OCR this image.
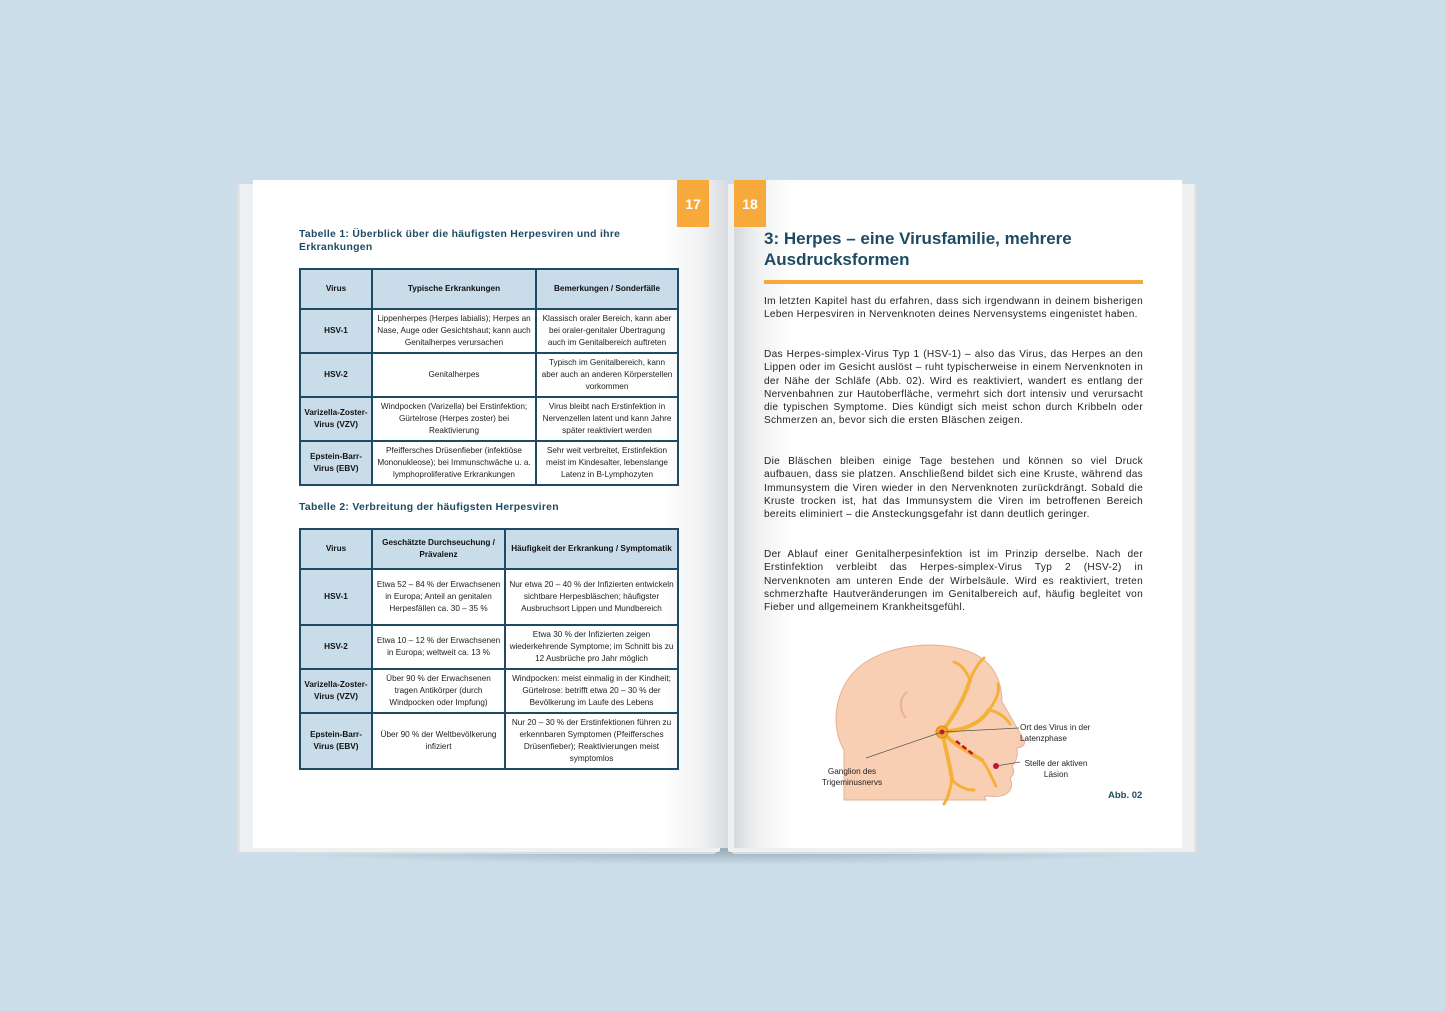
17
Tabelle 1: Überblick über die häufigsten Herpesviren und ihre Erkrankungen
Virus	Typische Erkrankungen	Bemerkungen / Sonderfälle
HSV-1	Lippenherpes (Herpes labialis); Herpes an Nase, Auge oder Gesichtshaut; kann auch Genitalherpes verursachen	Klassisch oraler Bereich, kann aber bei oraler-genitaler Übertragung auch im Genitalbereich auftreten
HSV-2	Genitalherpes	Typisch im Genitalbereich, kann aber auch an anderen Körperstellen vorkommen
Varizella-Zoster-Virus (VZV)	Windpocken (Varizella) bei Erstinfektion; Gürtelrose (Herpes zoster) bei Reaktivierung	Virus bleibt nach Erstinfektion in Nervenzellen latent und kann Jahre später reaktiviert werden
Epstein-Barr-Virus (EBV)	Pfeiffersches Drüsenfieber (infektiöse Mononukleose); bei Immunschwäche u. a. lymphoproliferative Erkrankungen	Sehr weit verbreitet, Erstinfektion meist im Kindesalter, lebenslange Latenz in B-Lymphozyten
Tabelle 2: Verbreitung der häufigsten Herpesviren
Virus	Geschätzte Durchseuchung / Prävalenz	Häufigkeit der Erkrankung / Symptomatik
HSV-1	Etwa 52 – 84 % der Erwachsenen in Europa; Anteil an genitalen Herpesfällen ca. 30 – 35 %	Nur etwa 20 – 40 % der Infizierten entwickeln sichtbare Herpesbläschen; häufigster Ausbruchsort Lippen und Mundbereich
HSV-2	Etwa 10 – 12 % der Erwachsenen in Europa; weltweit ca. 13 %	Etwa 30 % der Infizierten zeigen wiederkehrende Symptome; im Schnitt bis zu 12 Ausbrüche pro Jahr möglich
Varizella-Zoster-Virus (VZV)	Über 90 % der Erwachsenen tragen Antikörper (durch Windpocken oder Impfung)	Windpocken: meist einmalig in der Kindheit; Gürtelrose: betrifft etwa 20 – 30 % der Bevölkerung im Laufe des Lebens
Epstein-Barr-Virus (EBV)	Über 90 % der Weltbevölkerung infiziert	Nur 20 – 30 % der Erstinfektionen führen zu erkennbaren Symptomen (Pfeiffersches Drüsenfieber); Reaktivierungen meist symptomlos
18
3: Herpes – eine Virusfamilie, mehrere Ausdrucksformen

Im letzten Kapitel hast du erfahren, dass sich irgendwann in deinem bisherigen Leben Herpesviren in Nervenknoten deines Nervensystems eingenistet haben.

Das Herpes-simplex-Virus Typ 1 (HSV-1) – also das Virus, das Herpes an den Lippen oder im Gesicht auslöst – ruht typischerweise in einem Nervenknoten in der Nähe der Schläfe (Abb. 02). Wird es reaktiviert, wandert es entlang der Nervenbahnen zur Hautoberfläche, vermehrt sich dort intensiv und verursacht die typischen Symptome. Dies kündigt sich meist schon durch Kribbeln oder Schmerzen an, bevor sich die ersten Bläschen zeigen.

Die Bläschen bleiben einige Tage bestehen und können so viel Druck aufbauen, dass sie platzen. Anschließend bildet sich eine Kruste, während das Immunsystem die Viren wieder in den Nervenknoten zurückdrängt. Sobald die Kruste trocken ist, hat das Immunsystem die Viren im betroffenen Bereich bereits eliminiert – die Ansteckungsgefahr ist dann deutlich geringer.

Der Ablauf einer Genitalherpesinfektion ist im Prinzip derselbe. Nach der Erstinfektion verbleibt das Herpes-simplex-Virus Typ 2 (HSV-2) in Nervenknoten am unteren Ende der Wirbelsäule. Wird es reaktiviert, treten schmerzhafte Hautveränderungen im Genitalbereich auf, häufig begleitet von Fieber und allgemeinem Krankheitsgefühl.

Ganglion des Trigeminusnervs
Ort des Virus in der Latenzphase
Stelle der aktiven Läsion
Abb. 02
